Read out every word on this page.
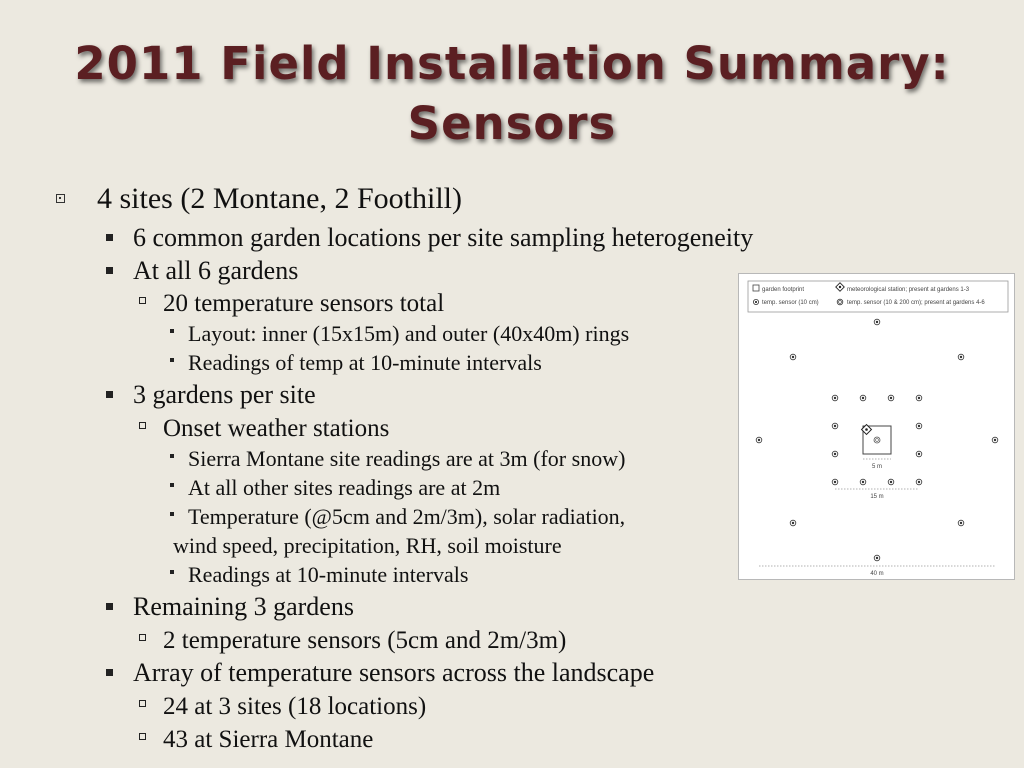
2011 Field Installation Summary:
Sensors
4 sites (2 Montane, 2 Foothill)
6 common garden locations per site sampling heterogeneity
At all 6 gardens
20 temperature sensors total
Layout: inner (15x15m) and outer (40x40m) rings
Readings of temp at 10-minute intervals
3 gardens per site
Onset weather stations
Sierra Montane site readings are at 3m (for snow)
At all other sites readings are at 2m
Temperature (@5cm and 2m/3m), solar radiation,
wind speed, precipitation, RH, soil moisture
Readings at 10-minute intervals
Remaining 3 gardens
2 temperature sensors (5cm and 2m/3m)
Array of temperature sensors across the landscape
24 at 3 sites (18 locations)
43 at Sierra Montane
garden footprint	meteorological station; present at gardens 1-3
temp. sensor (10 cm)	temp. sensor (10 & 200 cm); present at gardens 4-6
5 m
15 m
40 m
